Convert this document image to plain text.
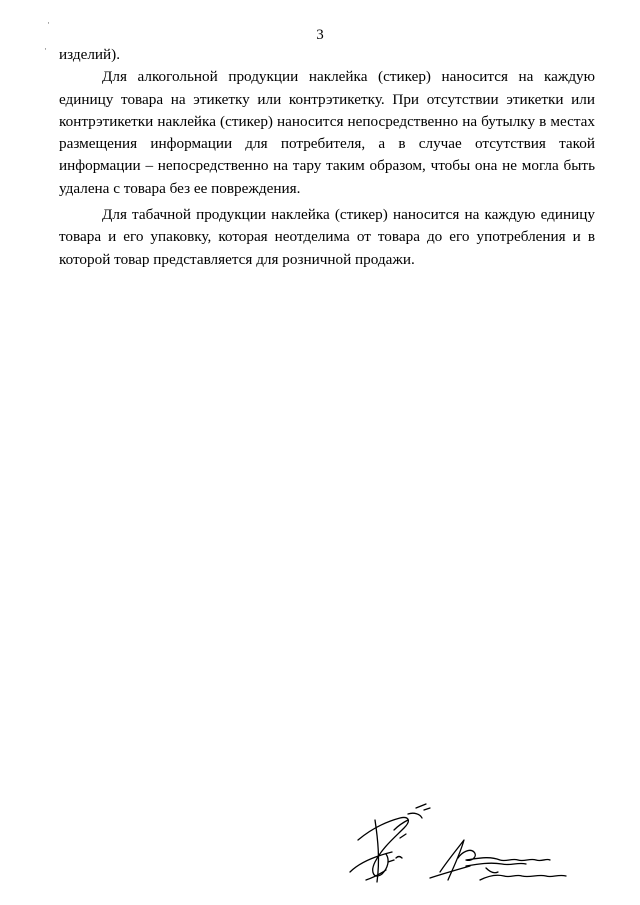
3
·
· изделий).

Для алкогольной продукции наклейка (стикер) наносится на каждую единицу товара на этикетку или контрэтикетку. При отсутствии этикетки или контрэтикетки наклейка (стикер) наносится непосредственно на бутылку в местах размещения информации для потребителя, а в случае отсутствия такой информации – непосредственно на тару таким образом, чтобы она не могла быть удалена с товара без ее повреждения.

Для табачной продукции наклейка (стикер) наносится на каждую единицу товара и его упаковку, которая неотделима от товара до его употребления и в которой товар представляется для розничной продажи.
